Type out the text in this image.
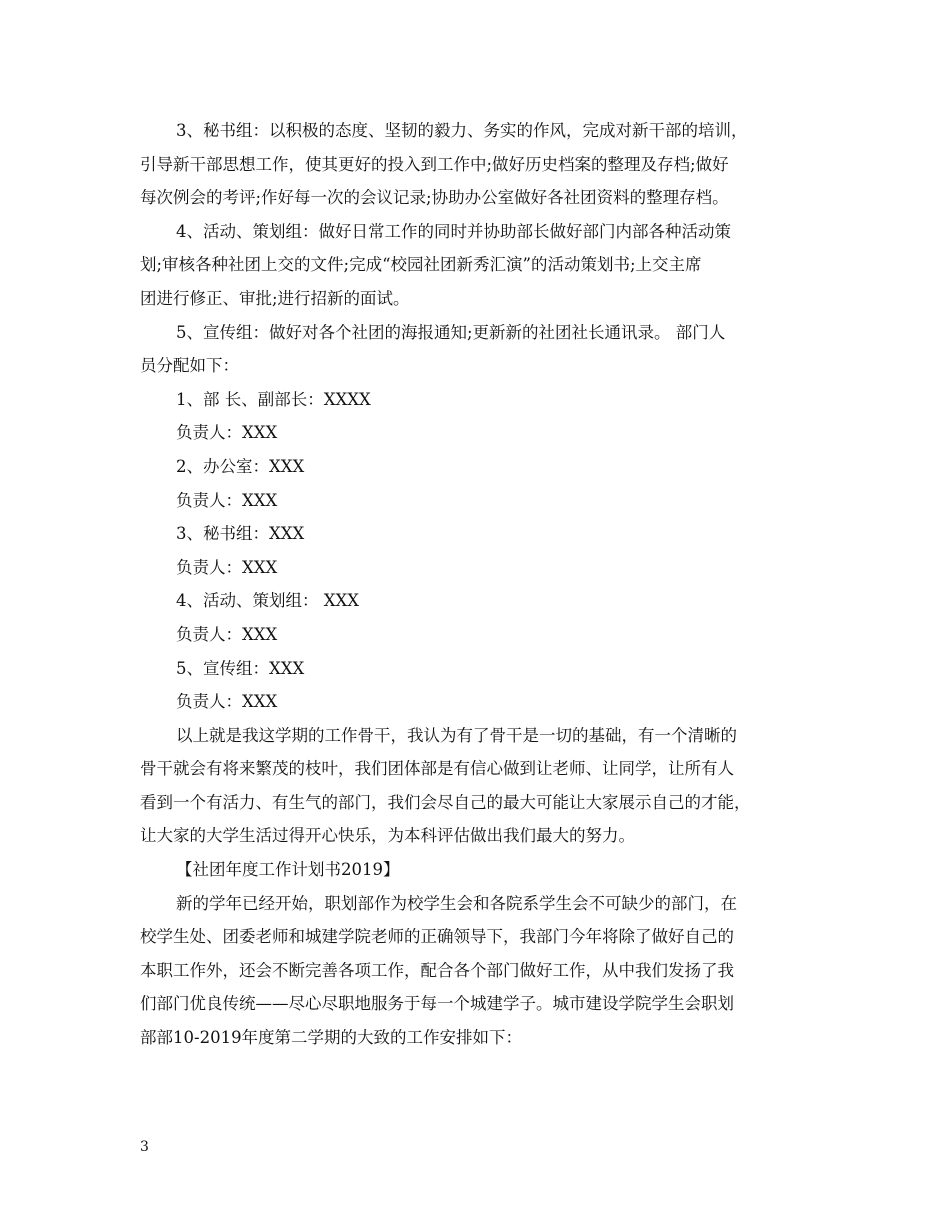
3、秘书组：以积极的态度、坚韧的毅力、务实的作风，完成对新干部的培训，
引导新干部思想工作，使其更好的投入到工作中;做好历史档案的整理及存档;做好
每次例会的考评;作好每一次的会议记录;协助办公室做好各社团资料的整理存档。
4、活动、策划组：做好日常工作的同时并协助部长做好部门内部各种活动策
划;审核各种社团上交的文件;完成“校园社团新秀汇演”的活动策划书;上交主席
团进行修正、审批;进行招新的面试。
5、宣传组：做好对各个社团的海报通知;更新新的社团社长通讯录。 部门人
员分配如下：
1、部 长、副部长：XXXX
负责人：XXX
2、办公室：XXX
负责人：XXX
3、秘书组：XXX
负责人：XXX
4、活动、策划组： XXX
负责人：XXX
5、宣传组：XXX
负责人：XXX
以上就是我这学期的工作骨干，我认为有了骨干是一切的基础，有一个清晰的
骨干就会有将来繁茂的枝叶，我们团体部是有信心做到让老师、让同学，让所有人
看到一个有活力、有生气的部门，我们会尽自己的最大可能让大家展示自己的才能，
让大家的大学生活过得开心快乐，为本科评估做出我们最大的努力。
【社团年度工作计划书2019】
新的学年已经开始，职划部作为校学生会和各院系学生会不可缺少的部门，在
校学生处、团委老师和城建学院老师的正确领导下，我部门今年将除了做好自己的
本职工作外，还会不断完善各项工作，配合各个部门做好工作，从中我们发扬了我
们部门优良传统——尽心尽职地服务于每一个城建学子。城市建设学院学生会职划
部部10-2019年度第二学期的大致的工作安排如下：
3
